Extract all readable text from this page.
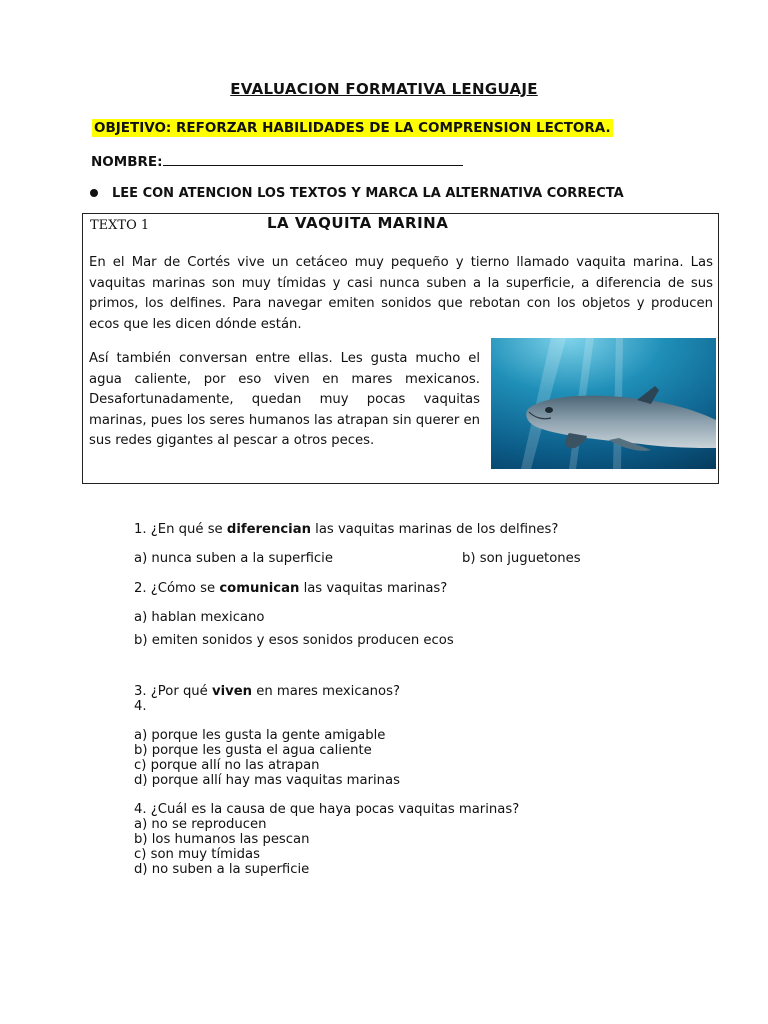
EVALUACION FORMATIVA LENGUAJE
OBJETIVO: REFORZAR HABILIDADES DE LA COMPRENSION LECTORA.
NOMBRE:
LEE CON ATENCION LOS TEXTOS Y MARCA LA ALTERNATIVA CORRECTA
TEXTO 1	LA VAQUITA MARINA
En el Mar de Cortés vive un cetáceo muy pequeño y tierno llamado vaquita marina. Las vaquitas marinas son muy tímidas y casi nunca suben a la superficie, a diferencia de sus primos, los delfines. Para navegar emiten sonidos que rebotan con los objetos y producen ecos que les dicen dónde están.
Así también conversan entre ellas. Les gusta mucho el agua caliente, por eso viven en mares mexicanos. Desafortunadamente, quedan muy pocas vaquitas marinas, pues los seres humanos las atrapan sin querer en sus redes gigantes al pescar a otros peces.
1. ¿En qué se diferencian las vaquitas marinas de los delfines?
a) nunca suben a la superficie	b) son juguetones
2. ¿Cómo se comunican las vaquitas marinas?
a) hablan mexicano
b) emiten sonidos y esos sonidos producen ecos
3. ¿Por qué viven en mares mexicanos?
4.
a) porque les gusta la gente amigable
b) porque les gusta el agua caliente
c) porque allí no las atrapan
d) porque allí hay mas vaquitas marinas
4. ¿Cuál es la causa de que haya pocas vaquitas marinas?
a) no se reproducen
b) los humanos las pescan
c) son muy tímidas
d) no suben a la superficie
